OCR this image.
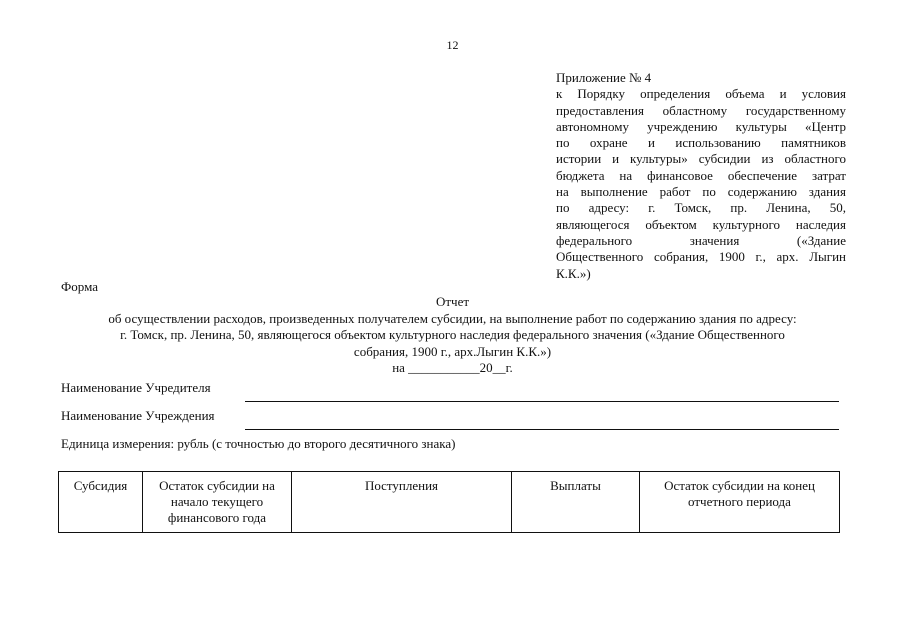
12
Приложение № 4
к Порядку определения объема и условия
предоставления областному государственному
автономному учреждению культуры «Центр
по охране и использованию памятников
истории и культуры» субсидии из областного
бюджета на финансовое обеспечение затрат
на выполнение работ по содержанию здания
по адресу: г. Томск, пр. Ленина, 50,
являющегося объектом культурного наследия
федерального значения («Здание
Общественного собрания, 1900 г., арх. Лыгин
К.К.»)
Форма
Отчет
об осуществлении расходов, произведенных получателем субсидии, на выполнение работ по содержанию здания по адресу:
г. Томск, пр. Ленина, 50, являющегося объектом культурного наследия федерального значения («Здание Общественного
собрания, 1900 г., арх.Лыгин К.К.»)
на ___________20__г.
Наименование Учредителя
Наименование Учреждения
Единица измерения: рубль (с точностью до второго десятичного знака)
Субсидия	Остаток субсидии на начало текущего финансового года	Поступления	Выплаты	Остаток субсидии на конец отчетного периода
